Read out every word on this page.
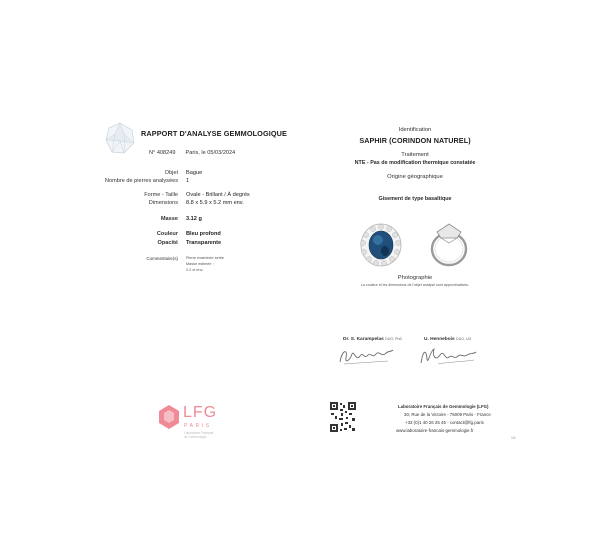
RAPPORT D'ANALYSE GEMMOLOGIQUE
N° 408249 Paris, le 05/03/2024
Objet Bague
Nombre de pierres analysées 1
Forme - Taille Ovale - Brillant / À degrés
Dimensions 8.8 x 5.9 x 5.2 mm env.
Masse 3.12 g
Couleur Bleu profond
Opacité Transparente
Commentaire(s) Pierre examinée sertie
Masse estimée :
2.2 ct env.
Identification
SAPHIR (CORINDON NATUREL)
Traitement
NTE - Pas de modification thermique constatée
Origine géographique
Gisement de type basaltique
Photographie
La couleur et les dimensions de l'objet analysé sont approximatives.
LFG
PARIS
Laboratoire Français
de Gemmologie
Dr. S. Karampelas DUG, PhD	U. Hennebois DUG, UG
Laboratoire Français de Gemmologie (LFG)
30, Rue de la Victoire - 75009 Paris - France
+33 (0)1 40 26 25 45 - contact@lfg.paris
www.laboratoire-francais-gemmologie.fr
1/1
